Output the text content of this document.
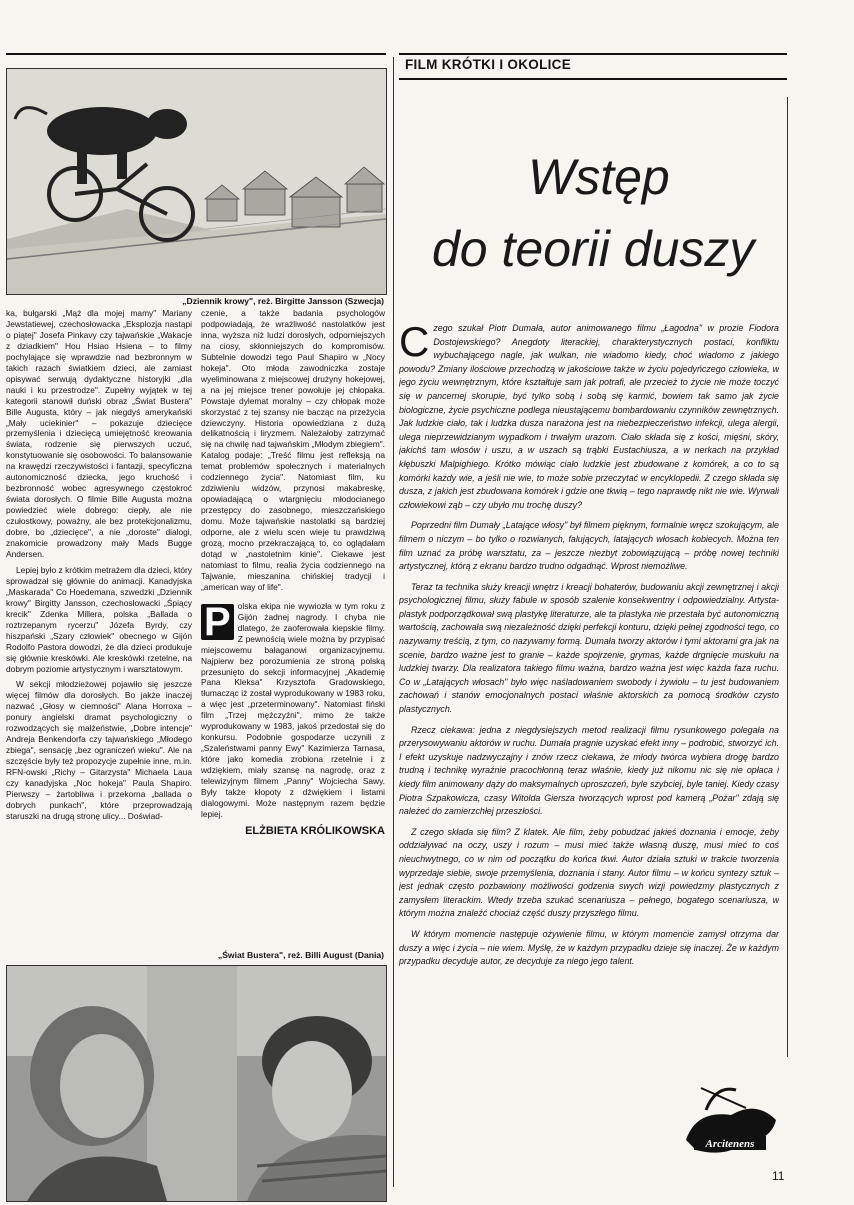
FILM KRÓTKI I OKOLICE
„Dziennik krowy", reż. Birgitte Jansson (Szwecja)

ka, bułgarski „Mąż dla mojej mamy" Mariany Jewstatiewej, czechosłowacka „Eksplozja nastąpi o piątej" Josefa Pinkavy czy tajwańskie „Wakacje z dziadkiem" Hou Hsiao Hsiena – to filmy pochylające się wprawdzie nad bezbronnym w takich razach światkiem dzieci, ale zamiast opisywać serwują dydaktyczne historyjki „dla nauki i ku przestrodze". Zupełny wyjątek w tej kategorii stanowił duński obraz „Świat Bustera" Bille Augusta, który – jak niegdyś amerykański „Mały uciekinier" – pokazuje dziecięce przemyślenia i dziecięcą umiejętność kreowania świata, rodzenie się pierwszych uczuć, konstytuowanie się osobowości. To balansowanie na krawędzi rzeczywistości i fantazji, specyficzna autonomiczność dziecka, jego kruchość i bezbronność wobec agresywnego częstokroć świata dorosłych. O filmie Bille Augusta można powiedzieć wiele dobrego: ciepły, ale nie czułostkowy, poważny, ale bez protekcjonalizmu, dobre, bo „dziecięce", a nie „doroste" dialogi, znakomicie prowadzony mały Mads Bugge Andersen.

Lepiej było z krótkim metrażem dla dzieci, który sprowadzał się głównie do animacji. Kanadyjska „Maskarada" Co Hoedemana, szwedzki „Dziennik krowy" Birgitty Jansson, czechosłowacki „Śpiący krecik" Zdenka Millera, polska „Ballada o roztrzepanym rycerzu" Józefa Byrdy, czy hiszpański „Szary człowiek" obecnego w Gijón Rodolfo Pastora dowodzi, że dla dzieci produkuje się głównie kreskówki. Ale kreskówki rzetelne, na dobrym poziomie artystycznym i warsztatowym.

W sekcji młodzieżowej pojawiło się jeszcze więcej filmów dla dorosłych. Bo jakże inaczej nazwać „Głosy w ciemności" Alana Horroxa – ponury angielski dramat psychologiczny o rozwodzących się małżeństwie, „Dobre intencje" Andreja Benkendorfa czy tajwańskiego „Młodego zbiega", sensację „bez ograniczeń wieku". Ale na szczęście były też propozycje zupełnie inne, m.in. RFN-owski „Richy – Gitarzysta" Michaela Laua czy kanadyjska „Noc hokeja" Paula Shapiro. Pierwszy – żartobliwa i przekorna „ballada o dobrych punkach", które przeprowadzają staruszki na drugą stronę ulicy... Doświad-

czenie, a także badania psychologów podpowiadają, że wrażliwość nastolatków jest inna, wyższa niż ludzi dorosłych, odporniejszych na ciosy, skłonniejszych do kompromisów. Subtelnie dowodzi tego Paul Shapiro w „Nocy hokeja". Oto młoda zawodniczka zostaje wyeliminowana z miejscowej drużyny hokejowej, a na jej miejsce trener powołuje jej chłopaka. Powstaje dylemat moralny – czy chłopak może skorzystać z tej szansy nie bacząc na przeżycia dziewczyny. Historia opowiedziana z dużą delikatnością i liryzmem. Należałoby zatrzymać się na chwilę nad tajwańskim „Młodym zbiegiem". Katalog podaje: „Treść filmu jest refleksją na temat problemów społecznych i materialnych codziennego życia". Natomiast film, ku zdziwieniu widzów, przynosi makabreskę, opowiadającą o wtargnięciu młodocianego przestępcy do zasobnego, mieszczańskiego domu. Może tajwańskie nastolatki są bardziej odporne, ale z wielu scen wieje tu prawdziwą grozą, mocno przekraczającą to, co oglądałam dotąd w „nastoletnim kinie". Ciekawe jest natomiast to filmu, realia życia codziennego na Tajwanie, mieszanina chińskiej tradycji i „american way of life".

P olska ekipa nie wywiozła w tym roku z Gijón żadnej nagrody. I chyba nie dlatego, że zaoferowała kiepskie filmy. Z pewnością wiele można by przypisać miejscowemu bałaganowi organizacyjnemu. Najpierw bez porozumienia ze stroną polską przesunięto do sekcji informacyjnej „Akademię Pana Kleksa" Krzysztofa Gradowskiego, tłumacząc iż został wyprodukowany w 1983 roku, a więc jest „przeterminowany". Natomiast fiński film „Trzej mężczyźni", mimo że także wyprodukowany w 1983, jakoś przedostał się do konkursu. Podobnie gospodarze uczynili z „Szaleństwami panny Ewy" Kazimierza Tarnasa, które jako komedia zrobiona rzetelnie i z wdziękiem, miały szansę na nagrodę, oraz z telewizyjnym filmem „Panny" Wojciecha Sawy. Były także kłopoty z dźwiękiem i listami dialogowymi. Może następnym razem będzie lepiej.

ELŻBIETA KRÓLIKOWSKA
„Świat Bustera", reż. Billi August (Dania)
Wstęp
do teorii duszy

Czego szukał Piotr Dumała, autor animowanego filmu „Łagodna" w prozie Fiodora Dostojewskiego? Anegdoty literackiej, charakterystycznych postaci, konfliktu wybuchającego nagle, jak wulkan, nie wiadomo kiedy, choć wiadomo z jakiego powodu? Zmiany ilościowe przechodzą w jakościowe także w życiu pojedyńczego człowieka, w jego życiu wewnętrznym, które kształtuje sam jak potrafi, ale przecież to życie nie może toczyć się w pancernej skorupie, być tylko sobą i sobą się karmić, bowiem tak samo jak życie biologiczne, życie psychiczne podlega nieustającemu bombardowaniu czynników zewnętrznych. Jak ludzkie ciało, tak i ludzka dusza narażona jest na niebezpieczeństwo infekcji, ulega alergii, ulega nieprzewidzianym wypadkom i trwałym urazom. Ciało składa się z kości, mięśni, skóry, jakichś tam włosów i uszu, a w uszach są trąbki Eustachiusza, a w nerkach na przykład kłębuszki Malpighiego. Krótko mówiąc ciało ludzkie jest zbudowane z komórek, a co to są komórki każdy wie, a jeśli nie wie, to może sobie przeczytać w encyklopedii. Z czego składa się dusza, z jakich jest zbudowana komórek i gdzie one tkwią – tego naprawdę nikt nie wie. Wyrwali człowiekowi ząb – czy ubyło mu trochę duszy?

Poprzedni film Dumały „Latające włosy" był filmem pięknym, formalnie wręcz szokującym, ale filmem o niczym – bo tylko o rozwianych, falujących, latających włosach kobiecych. Można ten film uznać za próbę warsztatu, za – jeszcze niezbyt zobowiązującą – próbę nowej techniki artystycznej, którą z ekranu bardzo trudno odgadnąć. Wprost niemożliwe.

Teraz ta technika służy kreacji wnętrz i kreacji bohaterów, budowaniu akcji zewnętrznej i akcji psychologicznej filmu, służy fabule w sposób szalenie konsekwentny i odpowiedzialny. Artysta-plastyk podporządkował swą plastykę literaturze, ale ta plastyka nie przestała być autonomiczną wartością, zachowała swą niezależność dzięki perfekcji konturu, dzięki pełnej zgodności tego, co nazywamy treścią, z tym, co nazywamy formą. Dumała tworzy aktorów i tymi aktorami gra jak na scenie, bardzo ważne jest to granie – każde spojrzenie, grymas, każde drgnięcie muskułu na ludzkiej twarzy. Dla realizatora takiego filmu ważna, bardzo ważna jest więc każda faza ruchu. Co w „Latających włosach" było więc naśladowaniem swobody i żywiołu – tu jest budowaniem zachowań i stanów emocjonalnych postaci właśnie aktorskich za pomocą środków czysto plastycznych.

Rzecz ciekawa: jedna z niegdysiejszych metod realizacji filmu rysunkowego polegała na przerysowywaniu aktorów w ruchu. Dumała pragnie uzyskać efekt inny – podrobić, stworzyć ich. I efekt uzyskuje nadzwyczajny i znów rzecz ciekawa, że młody twórca wybiera drogę bardzo trudną i technikę wyraźnie pracochłonną teraz właśnie, kiedy już nikomu nic się nie opłaca i kiedy film animowany dąży do maksymalnych uproszczeń, byle szybciej, byle taniej. Kiedy czasy Piotra Szpakowicza, czasy Witolda Giersza tworzących wprost pod kamerą „Pożar" zdają się należeć do zamierzchłej przeszłości.

Z czego składa się film? Z klatek. Ale film, żeby pobudzać jakieś doznania i emocje, żeby oddziaływać na oczy, uszy i rozum – musi mieć także własną duszę, musi mieć to coś nieuchwytnego, co w nim od początku do końca tkwi. Autor działa sztuki w trakcie tworzenia wyprzedaje siebie, swoje przemyślenia, doznania i stany. Autor filmu – w końcu syntezy sztuk – jest jednak często pozbawiony możliwości godzenia swych wizji powiedzmy plastycznych z zamysłem literackim. Wtedy trzeba szukać scenariusza – pełnego, bogatego scenariusza, w którym można znaleźć chociaż część duszy przyszłego filmu.

W którym momencie następuje ożywienie filmu, w którym momencie zamysł otrzyma dar duszy a więc i życia – nie wiem. Myślę, że w każdym przypadku dzieje się inaczej. Że w każdym przypadku decyduje autor, ze decyduje za niego jego talent.

Arcitenens
11
